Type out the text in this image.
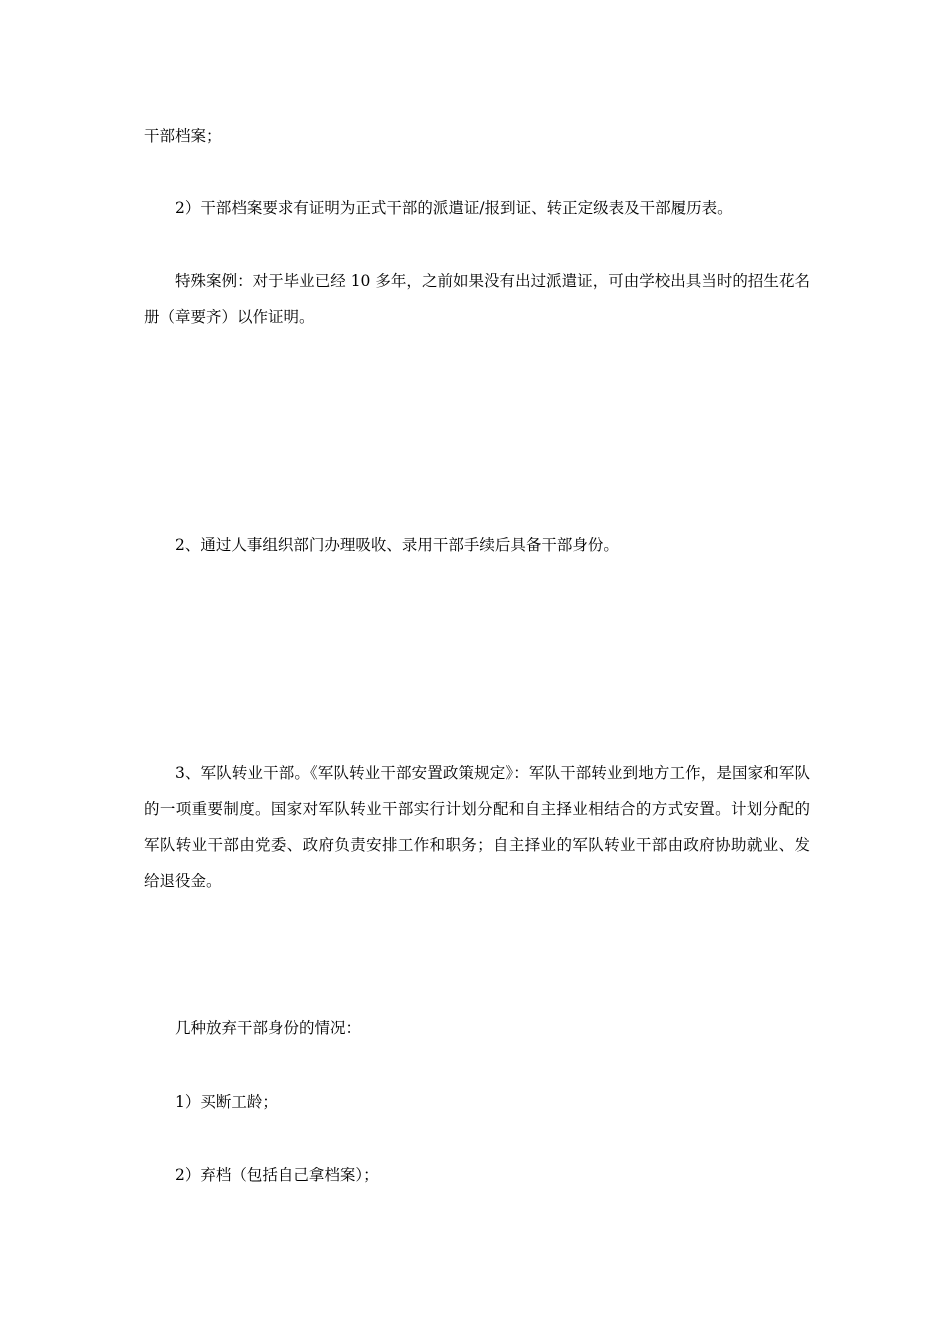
干部档案；

2）干部档案要求有证明为正式干部的派遣证/报到证、转正定级表及干部履历表。

特殊案例：对于毕业已经 10 多年，之前如果没有出过派遣证，可由学校出具当时的招生花名册（章要齐）以作证明。

2、通过人事组织部门办理吸收、录用干部手续后具备干部身份。

3、军队转业干部。《军队转业干部安置政策规定》：军队干部转业到地方工作，是国家和军队的一项重要制度。国家对军队转业干部实行计划分配和自主择业相结合的方式安置。计划分配的军队转业干部由党委、政府负责安排工作和职务；自主择业的军队转业干部由政府协助就业、发给退役金。

几种放弃干部身份的情况：

1）买断工龄；

2）弃档（包括自己拿档案）；
